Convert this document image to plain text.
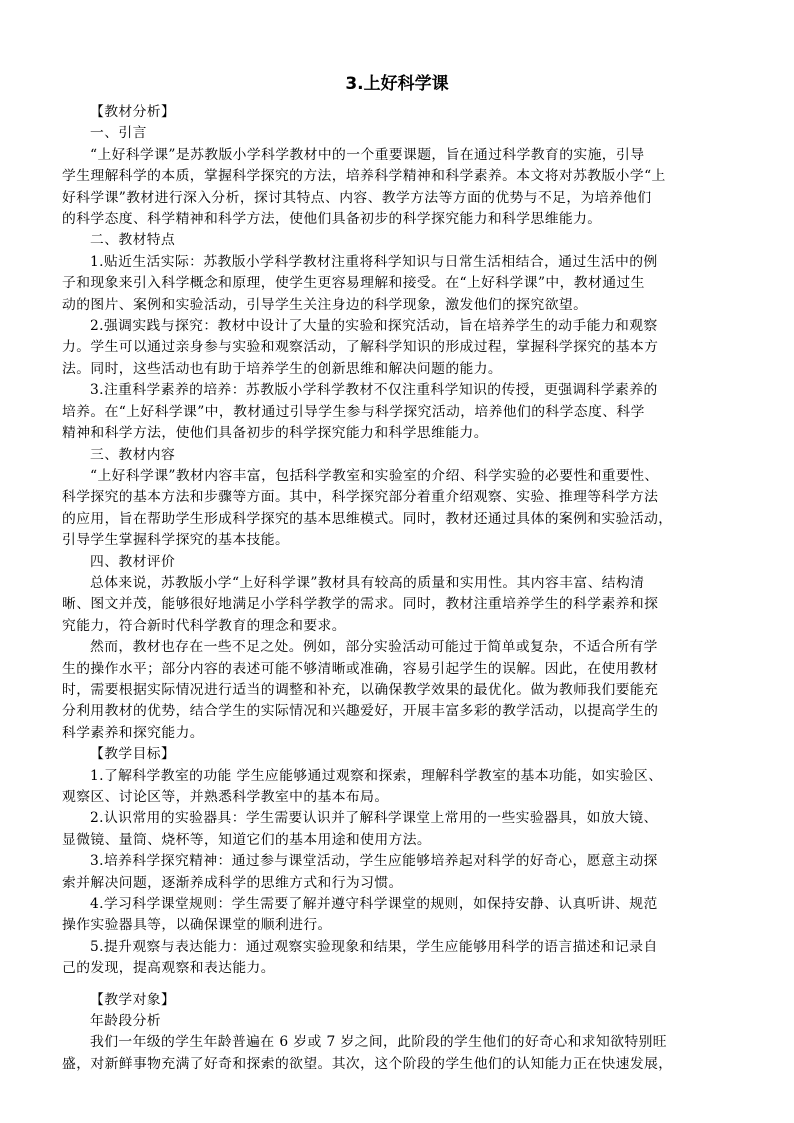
3.上好科学课

【教材分析】

一、引言

“上好科学课”是苏教版小学科学教材中的一个重要课题，旨在通过科学教育的实施，引导

学生理解科学的本质，掌握科学探究的方法，培养科学精神和科学素养。本文将对苏教版小学“上

好科学课”教材进行深入分析，探讨其特点、内容、教学方法等方面的优势与不足，为培养他们

的科学态度、科学精神和科学方法，使他们具备初步的科学探究能力和科学思维能力。

二、教材特点

1.贴近生活实际：苏教版小学科学教材注重将科学知识与日常生活相结合，通过生活中的例

子和现象来引入科学概念和原理，使学生更容易理解和接受。在“上好科学课”中，教材通过生

动的图片、案例和实验活动，引导学生关注身边的科学现象，激发他们的探究欲望。

2.强调实践与探究：教材中设计了大量的实验和探究活动，旨在培养学生的动手能力和观察

力。学生可以通过亲身参与实验和观察活动，了解科学知识的形成过程，掌握科学探究的基本方

法。同时，这些活动也有助于培养学生的创新思维和解决问题的能力。

3.注重科学素养的培养：苏教版小学科学教材不仅注重科学知识的传授，更强调科学素养的

培养。在“上好科学课”中，教材通过引导学生参与科学探究活动，培养他们的科学态度、科学

精神和科学方法，使他们具备初步的科学探究能力和科学思维能力。

三、教材内容

“上好科学课”教材内容丰富，包括科学教室和实验室的介绍、科学实验的必要性和重要性、

科学探究的基本方法和步骤等方面。其中，科学探究部分着重介绍观察、实验、推理等科学方法

的应用，旨在帮助学生形成科学探究的基本思维模式。同时，教材还通过具体的案例和实验活动，

引导学生掌握科学探究的基本技能。

四、教材评价

总体来说，苏教版小学“上好科学课”教材具有较高的质量和实用性。其内容丰富、结构清

晰、图文并茂，能够很好地满足小学科学教学的需求。同时，教材注重培养学生的科学素养和探

究能力，符合新时代科学教育的理念和要求。

然而，教材也存在一些不足之处。例如，部分实验活动可能过于简单或复杂，不适合所有学

生的操作水平；部分内容的表述可能不够清晰或准确，容易引起学生的误解。因此，在使用教材

时，需要根据实际情况进行适当的调整和补充，以确保教学效果的最优化。做为教师我们要能充

分利用教材的优势，结合学生的实际情况和兴趣爱好，开展丰富多彩的教学活动，以提高学生的

科学素养和探究能力。

【教学目标】

1.了解科学教室的功能 学生应能够通过观察和探索，理解科学教室的基本功能，如实验区、

观察区、讨论区等，并熟悉科学教室中的基本布局。

2.认识常用的实验器具：学生需要认识并了解科学课堂上常用的一些实验器具，如放大镜、

显微镜、量筒、烧杯等，知道它们的基本用途和使用方法。

3.培养科学探究精神：通过参与课堂活动，学生应能够培养起对科学的好奇心，愿意主动探

索并解决问题，逐渐养成科学的思维方式和行为习惯。

4.学习科学课堂规则：学生需要了解并遵守科学课堂的规则，如保持安静、认真听讲、规范

操作实验器具等，以确保课堂的顺利进行。

5.提升观察与表达能力：通过观察实验现象和结果，学生应能够用科学的语言描述和记录自

己的发现，提高观察和表达能力。

【教学对象】

年龄段分析

我们一年级的学生年龄普遍在 6 岁或 7 岁之间，此阶段的学生他们的好奇心和求知欲特别旺

盛，对新鲜事物充满了好奇和探索的欲望。其次，这个阶段的学生他们的认知能力正在快速发展，
